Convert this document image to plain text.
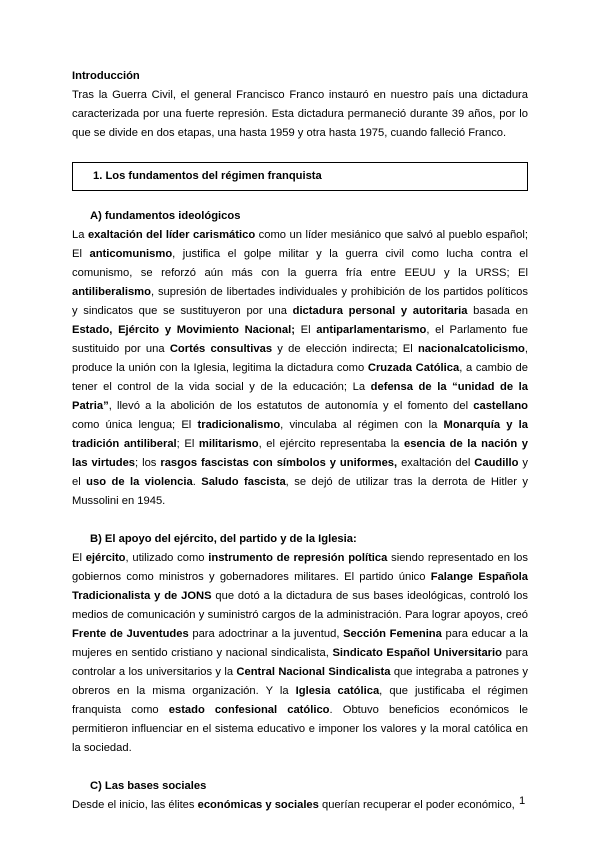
Introducción

Tras la Guerra Civil, el general Francisco Franco instauró en nuestro país una dictadura caracterizada por una fuerte represión. Esta dictadura permaneció durante 39 años, por lo que se divide en dos etapas, una hasta 1959 y otra hasta 1975, cuando falleció Franco.

1. Los fundamentos del régimen franquista

A) fundamentos ideológicos

La exaltación del líder carismático como un líder mesiánico que salvó al pueblo español; El anticomunismo, justifica el golpe militar y la guerra civil como lucha contra el comunismo, se reforzó aún más con la guerra fría entre EEUU y la URSS; El antiliberalismo, supresión de libertades individuales y prohibición de los partidos políticos y sindicatos que se sustituyeron por una dictadura personal y autoritaria basada en Estado, Ejército y Movimiento Nacional; El antiparlamentarismo, el Parlamento fue sustituido por una Cortés consultivas y de elección indirecta; El nacionalcatolicismo, produce la unión con la Iglesia, legitima la dictadura como Cruzada Católica, a cambio de tener el control de la vida social y de la educación; La defensa de la “unidad de la Patria”, llevó a la abolición de los estatutos de autonomía y el fomento del castellano como única lengua; El tradicionalismo, vinculaba al régimen con la Monarquía y la tradición antiliberal; El militarismo, el ejército representaba la esencia de la nación y las virtudes; los rasgos fascistas con símbolos y uniformes, exaltación del Caudillo y el uso de la violencia. Saludo fascista, se dejó de utilizar tras la derrota de Hitler y Mussolini en 1945.

B) El apoyo del ejército, del partido y de la Iglesia:

El ejército, utilizado como instrumento de represión política siendo representado en los gobiernos como ministros y gobernadores militares. El partido único Falange Española Tradicionalista y de JONS que dotó a la dictadura de sus bases ideológicas, controló los medios de comunicación y suministró cargos de la administración. Para lograr apoyos, creó Frente de Juventudes para adoctrinar a la juventud, Sección Femenina para educar a la mujeres en sentido cristiano y nacional sindicalista, Sindicato Español Universitario para controlar a los universitarios y la Central Nacional Sindicalista que integraba a patrones y obreros en la misma organización. Y la Iglesia católica, que justificaba el régimen franquista como estado confesional católico. Obtuvo beneficios económicos le permitieron influenciar en el sistema educativo e imponer los valores y la moral católica en la sociedad.

C) Las bases sociales

Desde el inicio, las élites económicas y sociales querían recuperar el poder económico, 1
